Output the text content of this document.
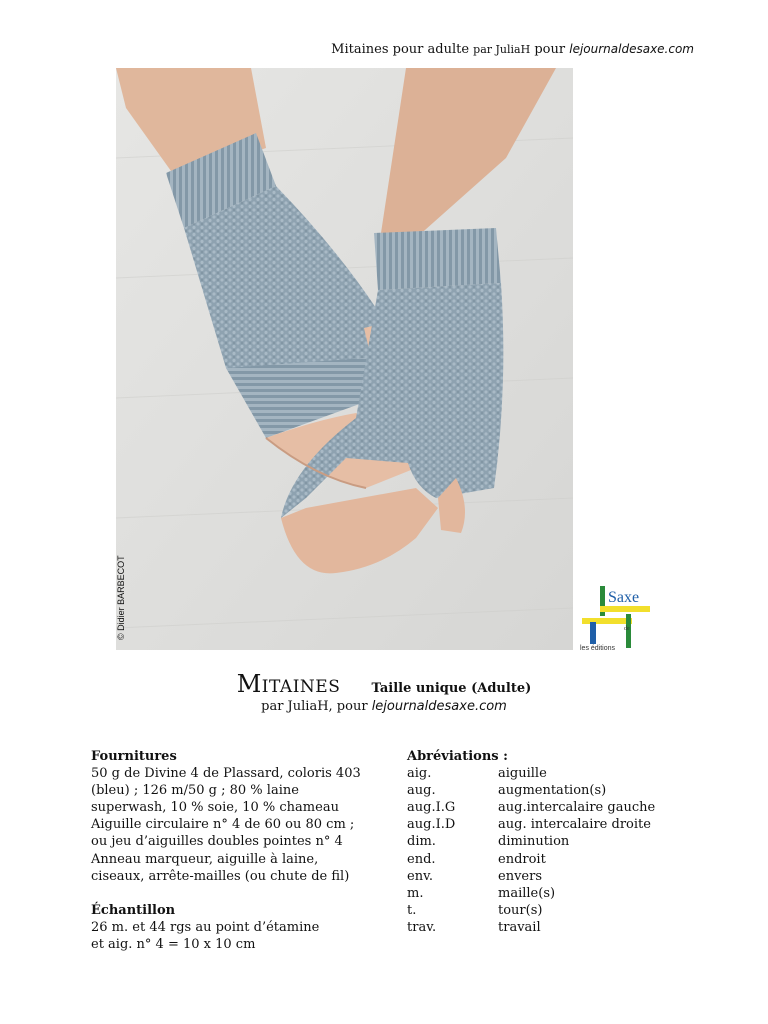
Mitaines pour adulte par JuliaH pour lejournaldesaxe.com
© Didier BARBECOT	Saxe
de
les éditions
Mitaines Taille unique (Adulte)
par JuliaH, pour lejournaldesaxe.com
Fournitures
50 g de Divine 4 de Plassard, coloris 403
(bleu) ; 126 m/50 g ; 80 % laine
superwash, 10 % soie, 10 % chameau
Aiguille circulaire n° 4 de 60 ou 80 cm ;
ou jeu d’aiguilles doubles pointes n° 4
Anneau marqueur, aiguille à laine,
ciseaux, arrête-mailles (ou chute de fil)
Échantillon
26 m. et 44 rgs au point d’étamine
et aig. n° 4 = 10 x 10 cm
Abréviations :
aig.	aiguille
aug.	augmentation(s)
aug.I.G	aug.intercalaire gauche
aug.I.D	aug. intercalaire droite
dim.	diminution
end.	endroit
env.	envers
m.	maille(s)
t.	tour(s)
trav.	travail
